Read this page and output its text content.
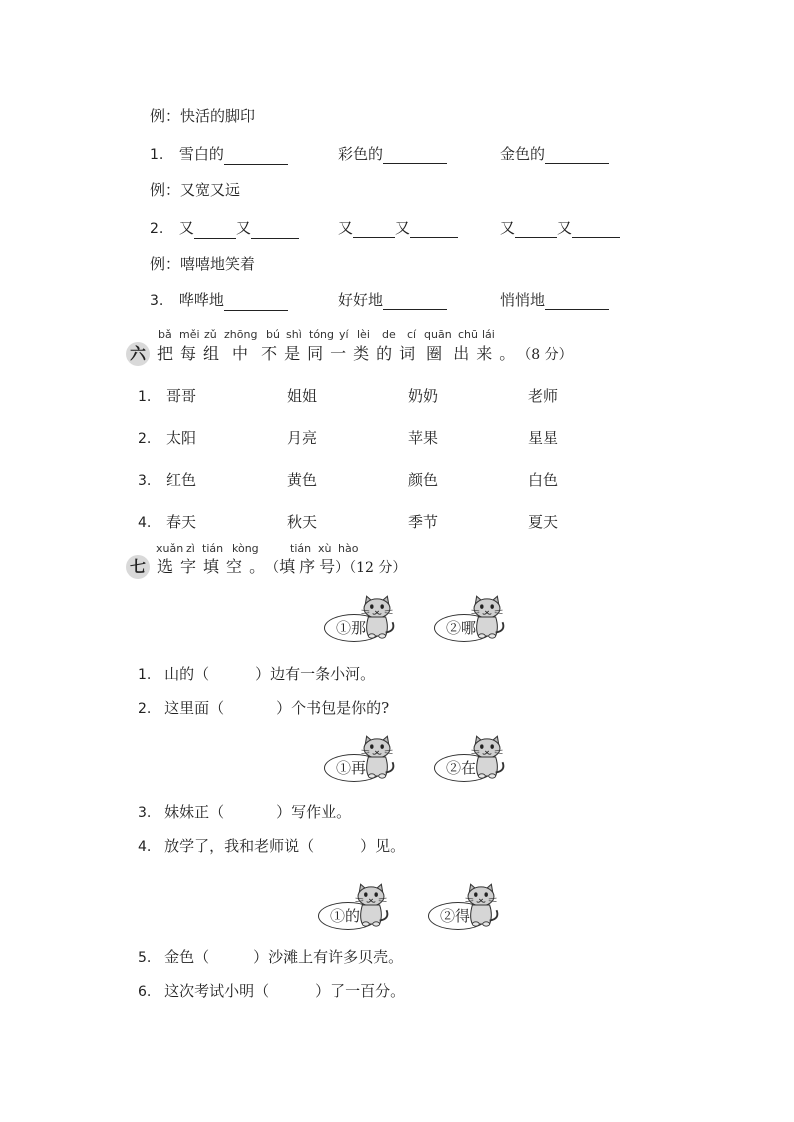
例：快活的脚印
1. 雪白的	彩色的	金色的
例：又宽又远
2. 又	又	又	又	又	又
例：嘻嘻地笑着
3. 哗哗地	好好地	悄悄地
bǎ měi zǔ zhōng bú shì tóng yí lèi de cí quān chū lái
六 把 每 组 中 不 是 同 一 类 的 词 圈 出 来 。 （8 分）
1. 哥哥	姐姐	奶奶	老师
2. 太阳	月亮	苹果	星星
3. 红色	黄色	颜色	白色
4. 春天	秋天	季节	夏天
xuǎn zì tián kòng	tián xù hào
七 选 字 填 空 。（填 序 号）（12 分）
①那	②哪
1. 山的（	）边有一条小河。
2. 这里面（	）个书包是你的?
①再	②在
3. 妹妹正（	）写作业。
4. 放学了，我和老师说（	）见。
①的	②得
5. 金色（	）沙滩上有许多贝壳。
6. 这次考试小明（	）了一百分。
